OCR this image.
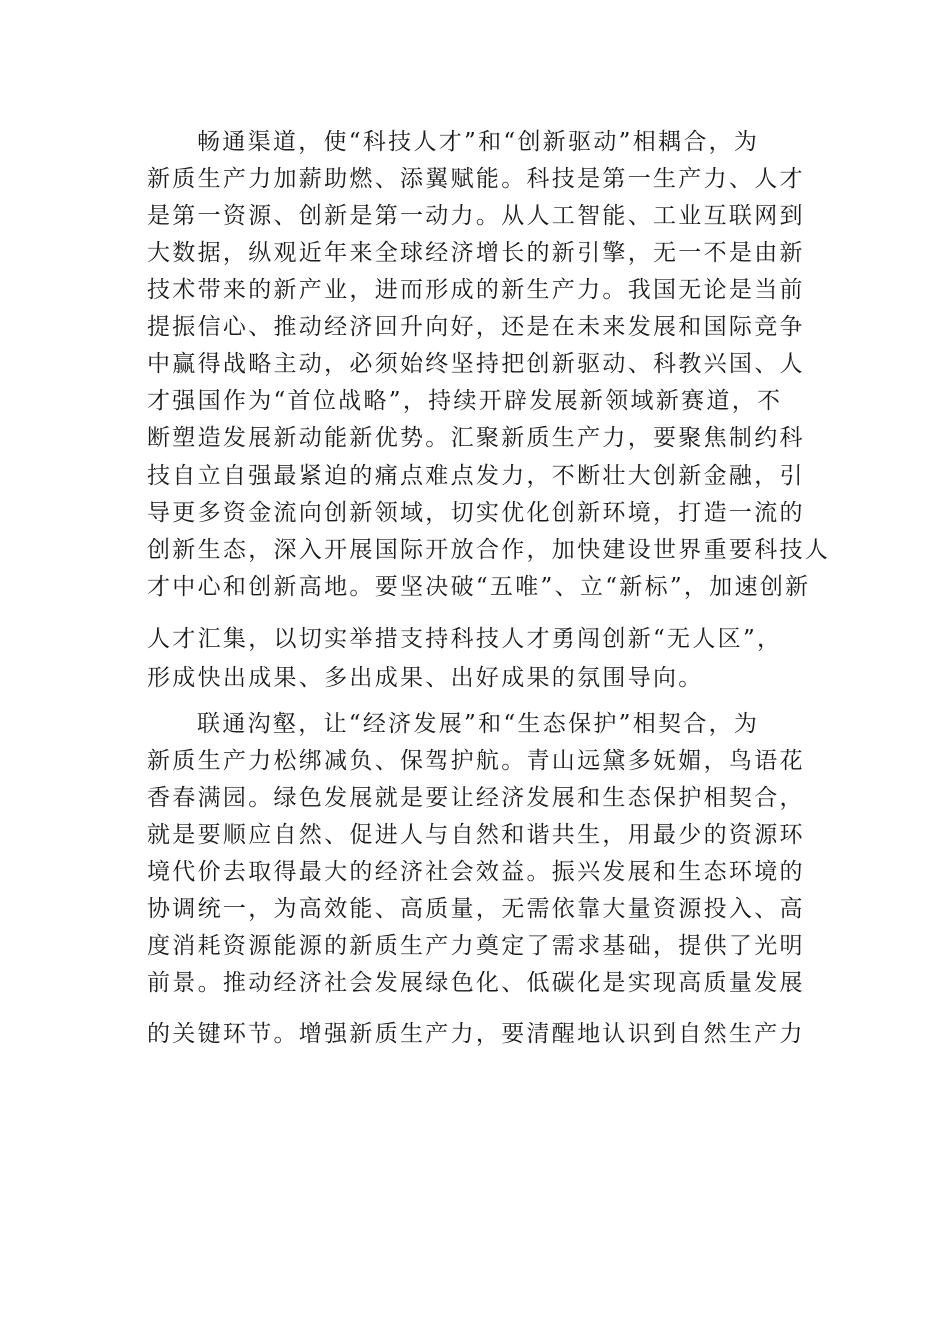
畅通渠道，使“科技人才”和“创新驱动”相耦合，为
新质生产力加薪助燃、添翼赋能。科技是第一生产力、人才
是第一资源、创新是第一动力。从人工智能、工业互联网到
大数据，纵观近年来全球经济增长的新引擎，无一不是由新
技术带来的新产业，进而形成的新生产力。我国无论是当前
提振信心、推动经济回升向好，还是在未来发展和国际竞争
中赢得战略主动，必须始终坚持把创新驱动、科教兴国、人
才强国作为“首位战略”，持续开辟发展新领域新赛道，不
断塑造发展新动能新优势。汇聚新质生产力，要聚焦制约科
技自立自强最紧迫的痛点难点发力，不断壮大创新金融，引
导更多资金流向创新领域，切实优化创新环境，打造一流的
创新生态，深入开展国际开放合作，加快建设世界重要科技人
才中心和创新高地。要坚决破“五唯”、立“新标”，加速创新
人才汇集，以切实举措支持科技人才勇闯创新“无人区”，
形成快出成果、多出成果、出好成果的氛围导向。
联通沟壑，让“经济发展”和“生态保护”相契合，为
新质生产力松绑减负、保驾护航。青山远黛多妩媚，鸟语花
香春满园。绿色发展就是要让经济发展和生态保护相契合，
就是要顺应自然、促进人与自然和谐共生，用最少的资源环
境代价去取得最大的经济社会效益。振兴发展和生态环境的
协调统一，为高效能、高质量，无需依靠大量资源投入、高
度消耗资源能源的新质生产力奠定了需求基础，提供了光明
前景。推动经济社会发展绿色化、低碳化是实现高质量发展
的关键环节。增强新质生产力，要清醒地认识到自然生产力
